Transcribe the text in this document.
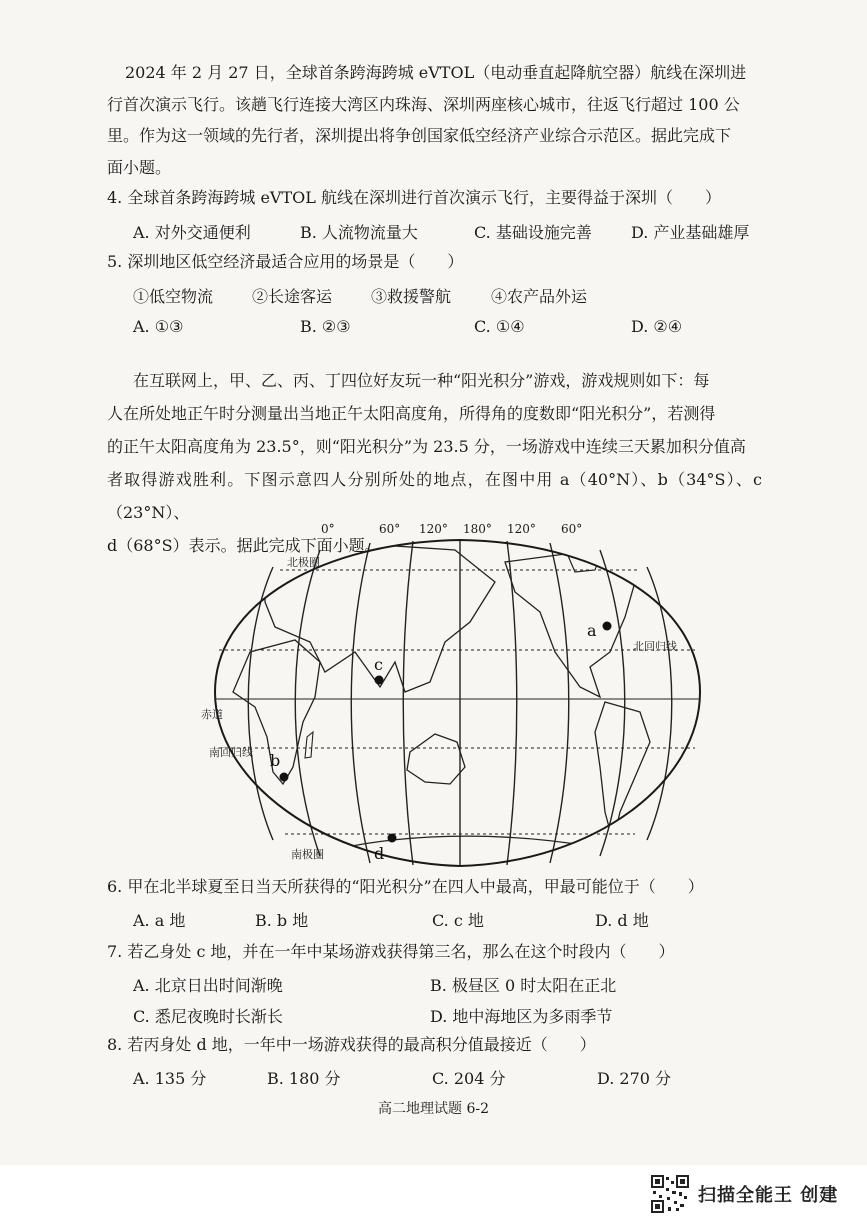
2024 年 2 月 27 日，全球首条跨海跨城 eVTOL（电动垂直起降航空器）航线在深圳进

行首次演示飞行。该趟飞行连接大湾区内珠海、深圳两座核心城市，往返飞行超过 100 公

里。作为这一领域的先行者，深圳提出将争创国家低空经济产业综合示范区。据此完成下

面小题。

4. 全球首条跨海跨城 eVTOL 航线在深圳进行首次演示飞行，主要得益于深圳（　　）
A. 对外交通便利	B. 人流物流量大	C. 基础设施完善 D. 产业基础雄厚
5. 深圳地区低空经济最适合应用的场景是（　　）
①低空物流 ②长途客运 ③救援警航 ④农产品外运
A. ①③	B. ②③	C. ①④	D. ②④

在互联网上，甲、乙、丙、丁四位好友玩一种“阳光积分”游戏，游戏规则如下：每

人在所处地正午时分测量出当地正午太阳高度角，所得角的度数即“阳光积分”，若测得

的正午太阳高度角为 23.5°，则“阳光积分”为 23.5 分，一场游戏中连续三天累加积分值高

者取得游戏胜利。下图示意四人分别所处的地点，在图中用 a（40°N）、b（34°S）、c（23°N）、

d（68°S）表示。据此完成下面小题。

0°	60° 120° 180° 120° 60°
北极圈
北回归线
赤道
南回归线
南极圈
a
b
c
d
6. 甲在北半球夏至日当天所获得的“阳光积分”在四人中最高，甲最可能位于（　　）
A. a 地	B. b 地	C. c 地	D. d 地
7. 若乙身处 c 地，并在一年中某场游戏获得第三名，那么在这个时段内（　　）
A. 北京日出时间渐晚	B. 极昼区 0 时太阳在正北
C. 悉尼夜晚时长渐长	D. 地中海地区为多雨季节
8. 若丙身处 d 地，一年中一场游戏获得的最高积分值最接近（　　）
A. 135 分	B. 180 分	C. 204 分	D. 270 分
高二地理试题 6-2
扫描全能王 创建
